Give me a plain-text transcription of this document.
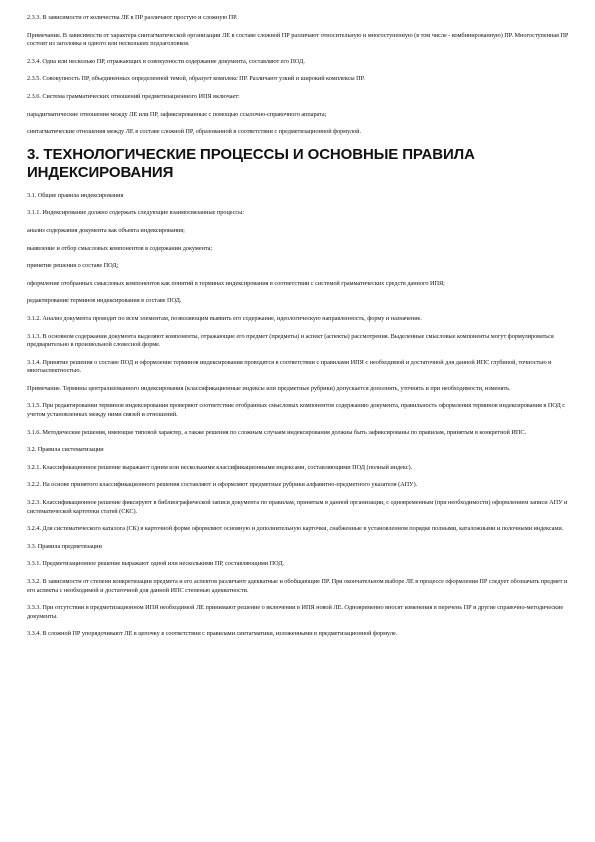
2.3.3. В зависимости от количества ЛЕ в ПР различают простую и сложную ПР.

Примечание. В зависимости от характера синтагматической организации ЛЕ в составе сложной ПР различают относительную и многоступенную (в том числе - комбинированную) ПР. Многоступенная ПР состоит из заголовка и одного или нескольких подзаголовков.

2.3.4. Одна или несколько ПР, отражающих в совокупности содержание документа, составляют его ПОД.

2.3.5. Совокупность ПР, объединенных определенной темой, образует комплекс ПР. Различают узкий и широкий комплексы ПР.

2.3.6. Система грамматических отношений предметизационного ИПЯ включает:

парадигматические отношения между ЛЕ или ПР, зафиксированные с помощью ссылочно-справочного аппарата;

синтагматические отношения между ЛЕ в составе сложной ПР, образованной в соответствии с предметизационной формулой.

3. ТЕХНОЛОГИЧЕСКИЕ ПРОЦЕССЫ И ОСНОВНЫЕ ПРАВИЛА ИНДЕКСИРОВАНИЯ

3.1. Общие правила индексирования

3.1.1. Индексирование должно содержать следующие взаимосвязанные процессы:

анализ содержания документа как объекта индексирования;

выявление и отбор смысловых компонентов в содержании документа;

принятие решения о составе ПОД;

оформление отобранных смысловых компонентов как понятий в терминах индексирования в соответствии с системой грамматических средств данного ИПЯ;

редактирование терминов индексирования в составе ПОД.

3.1.2. Анализ документа проводят по всем элементам, позволяющим выявить его содержание, идеологическую направленность, форму и назначение.

3.1.3. В основном содержании документа выделяют компоненты, отражающие его предмет (предметы) и аспект (аспекты) рассмотрения. Выделенные смысловые компоненты могут формулироваться предварительно в произвольной словесной форме.

3.1.4. Принятие решения о составе ПОД и оформление терминов индексирования проводятся в соответствии с правилами ИПЯ с необходимой и достаточной для данной ИПС глубиной, точностью и многоаспектностью.

Примечание. Термины централизованного индексирования (классификационные индексы или предметные рубрики) допускается дополнять, уточнять и при необходимости, изменять.

3.1.5. При редактировании терминов индексирования проверяют соответствие отобранных смысловых компонентов содержанию документа, правильность оформления терминов индексирования в ПОД с учетом установленных между ними связей и отношений.

3.1.6. Методические решения, имеющие типовой характер, а также решения по сложным случаям индексирования должны быть зафиксированы по правилам, принятым в конкретной ИПС.

3.2. Правила систематизации

3.2.1. Классификационное решение выражают одним или несколькими классификационными индексами, составляющими ПОД (полный индекс).

3.2.2. На основе принятого классификационного решения составляют и оформляют предметные рубрики алфавитно-предметного указателя (АПУ).

3.2.3. Классификационное решение фиксируют в библиографической записи документа по правилам, принятым в данной организации, с одновременным (при необходимости) оформлением записи АПУ и систематической картотеки статей (СКС).

3.2.4. Для систематического каталога (СК) в карточной форме оформляют основную и дополнительную карточки, снабженные в установленном порядке полными, каталожными и полочными индексами.

3.3. Правила предметизации

3.3.1. Предметизационное решение выражают одной или несколькими ПР, составляющими ПОД.

3.3.2. В зависимости от степени конкретизации предмета и его аспектов различают адекватные и обобщающие ПР. При окончательном выборе ЛЕ в процессе оформления ПР следует обозначать предмет и его аспекты с необходимой и достаточной для данной ИПС степенью адекватности.

3.3.3. При отсутствии в предметизационном ИПЯ необходимой ЛЕ принимают решение о включении в ИПЯ новой ЛЕ. Одновременно вносят изменения в перечень ПР и другие справочно-методические документы.

3.3.4. В сложной ПР упорядочивают ЛЕ в цепочку в соответствии с правилами синтагматики, изложенными в предметизационной формуле.
